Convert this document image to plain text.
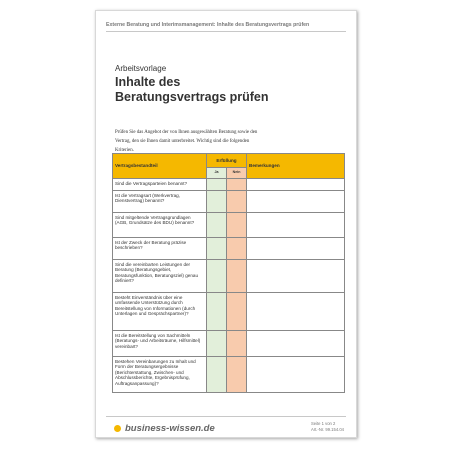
Externe Beratung und Interimsmanagement: Inhalte des Beratungsvertrags prüfen
Arbeitsvorlage
Inhalte des
Beratungsvertrags prüfen
Prüfen Sie das Angebot der von Ihnen ausgewählten Beratung sowie den
Vertrag, den sie Ihnen damit unterbreitet. Wichtig sind die folgenden
Kriterien.
Vertragsbestandteil	Erfüllung		Bemerkungen
	Ja	Nein	
Sind die Vertragsparteien benannt?			
Ist die Vertragsart (Werkvertrag, Dienstvertrag) benannt?			
Sind mitgeltende Vertragsgrundlagen (AGB, Grundsätze des BDU) benannt?			
Ist der Zweck der Beratung präzise beschrieben?			
Sind die vereinbarten Leistungen der Beratung (Beratungsgebiet, Beratungsfunktion, Beratungsziel) genau definiert?			
Besteht Einverständnis über eine umfassende Unterstützung durch Bereitstellung von Informationen (durch Unterlagen und Gesprächspartner)?			
Ist die Bereitstellung von Sachmitteln (Beratungs- und Arbeitsräume, Hilfsmittel) vereinbart?			
Bestehen Vereinbarungen zu Inhalt und Form der Beratungsergebnisse (Berichterstattung, Zwischen- und Abschlussberichte, Ergebnisprüfung, Auftragsanpassung)?			
business-wissen.de	Seite 1 von 2
Art.-Nr. 99.154.04
